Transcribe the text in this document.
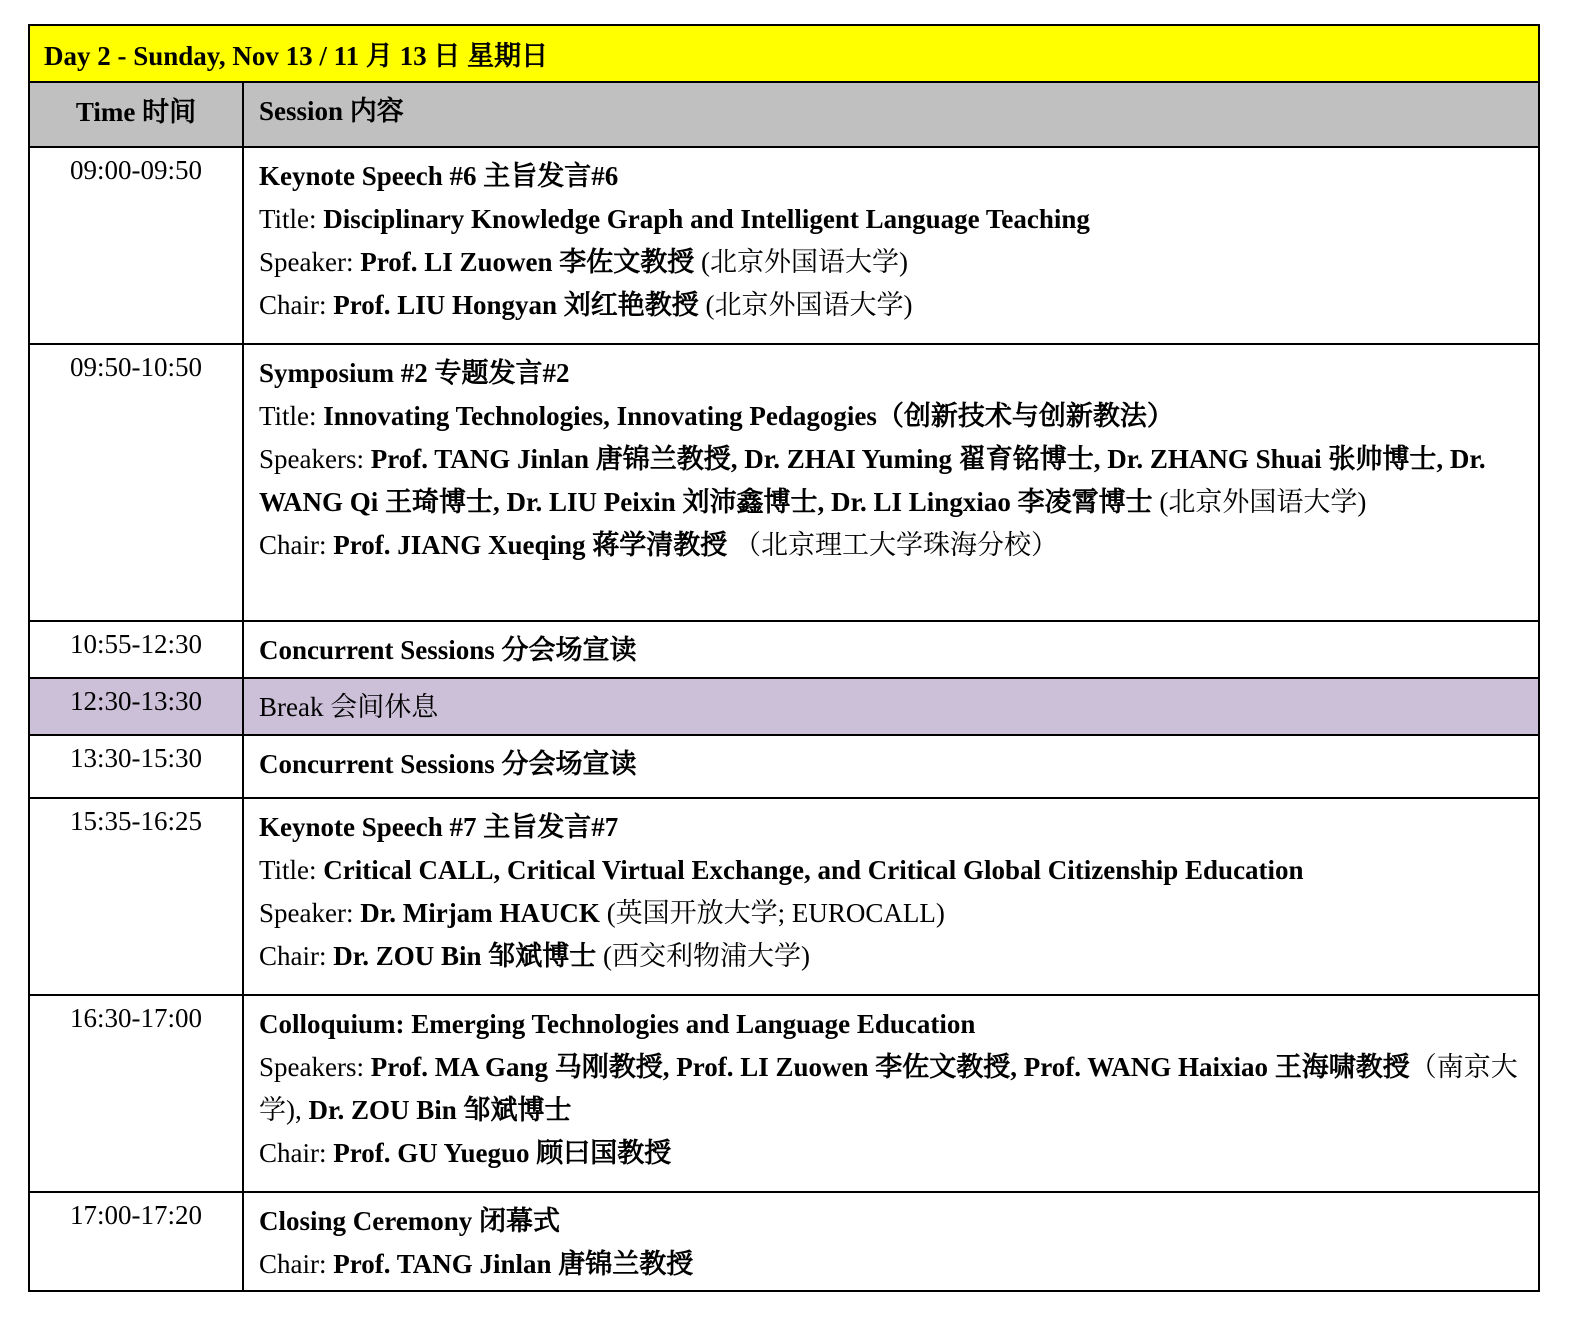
Day 2 - Sunday, Nov 13 / 11 月 13 日 星期日	
Time 时间	Session 内容
09:00-09:50	Keynote Speech #6 主旨发言#6
Title: Disciplinary Knowledge Graph and Intelligent Language Teaching
Speaker: Prof. LI Zuowen 李佐文教授 (北京外国语大学)
Chair: Prof. LIU Hongyan 刘红艳教授 (北京外国语大学)

09:50-10:50	Symposium #2 专题发言#2
Title: Innovating Technologies, Innovating Pedagogies（创新技术与创新教法）
Speakers: Prof. TANG Jinlan 唐锦兰教授, Dr. ZHAI Yuming 翟育铭博士, Dr. ZHANG Shuai 张帅博士, Dr. WANG Qi 王琦博士, Dr. LIU Peixin 刘沛鑫博士, Dr. LI Lingxiao 李凌霄博士 (北京外国语大学)
Chair: Prof. JIANG Xueqing 蒋学清教授 （北京理工大学珠海分校）

10:55-12:30	Concurrent Sessions 分会场宣读

12:30-13:30	Break 会间休息

13:30-15:30	Concurrent Sessions 分会场宣读

15:35-16:25	Keynote Speech #7 主旨发言#7
Title: Critical CALL, Critical Virtual Exchange, and Critical Global Citizenship Education
Speaker: Dr. Mirjam HAUCK (英国开放大学; EUROCALL)
Chair: Dr. ZOU Bin 邹斌博士 (西交利物浦大学)

16:30-17:00	Colloquium: Emerging Technologies and Language Education
Speakers: Prof. MA Gang 马刚教授, Prof. LI Zuowen 李佐文教授, Prof. WANG Haixiao 王海啸教授（南京大学), Dr. ZOU Bin 邹斌博士
Chair: Prof. GU Yueguo 顾曰国教授

17:00-17:20	Closing Ceremony 闭幕式
Chair: Prof. TANG Jinlan 唐锦兰教授
